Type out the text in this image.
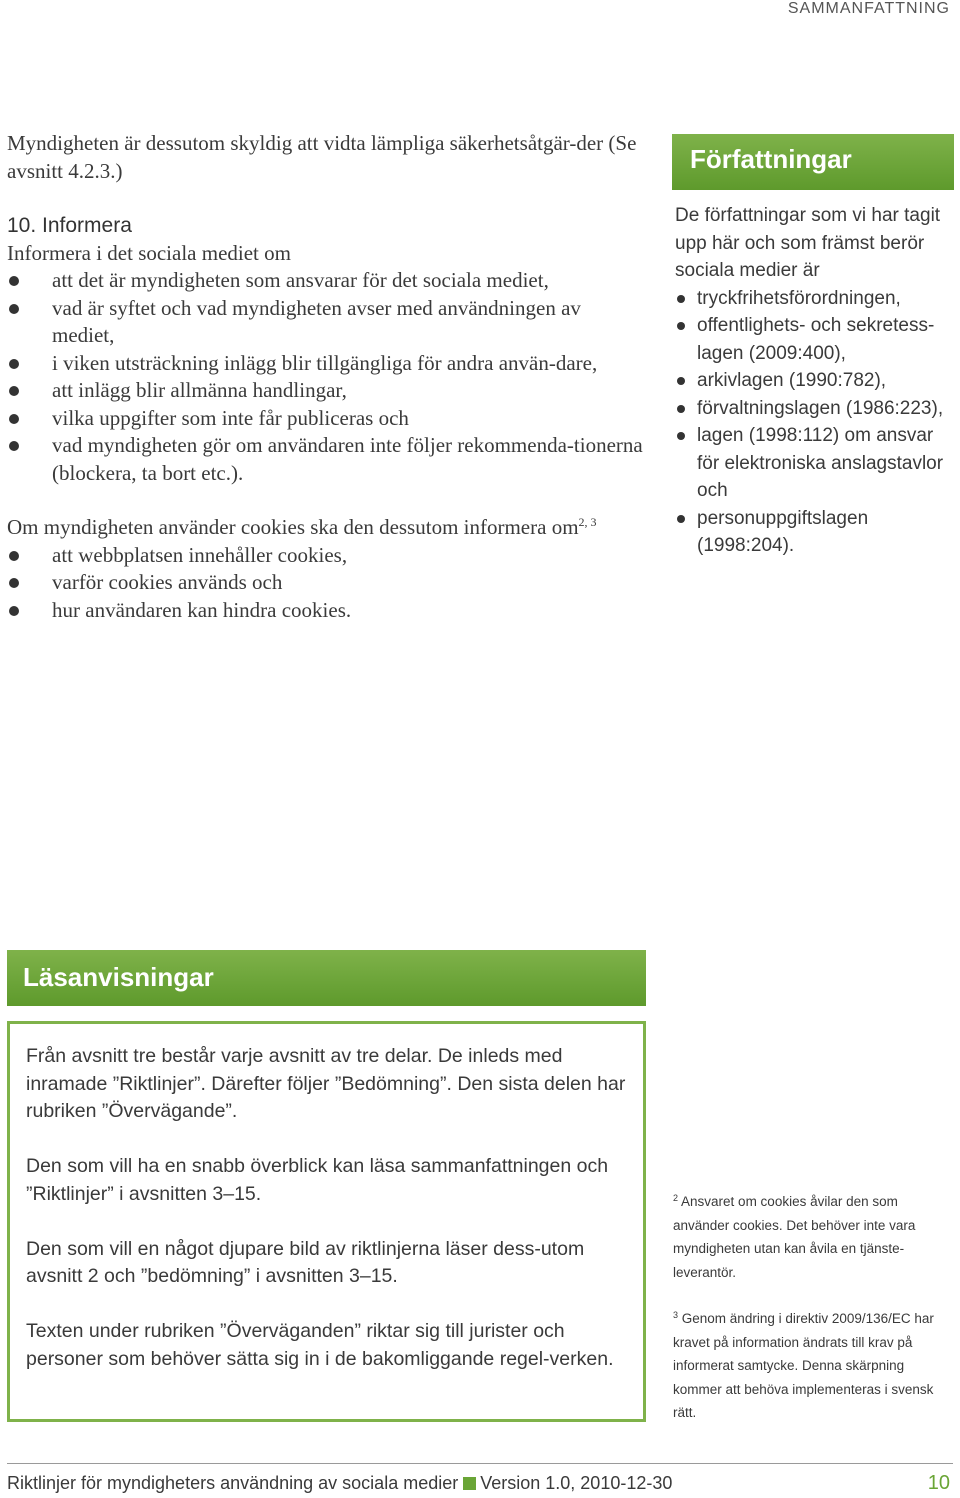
SAMMANFATTNING

Myndigheten är dessutom skyldig att vidta lämpliga säkerhetsåtgär-der (Se avsnitt 4.2.3.)

10. Informera

Informera i det sociala mediet om

att det är myndigheten som ansvarar för det sociala mediet,
vad är syftet och vad myndigheten avser med användningen av mediet,
i viken utsträckning inlägg blir tillgängliga för andra använ-dare,
att inlägg blir allmänna handlingar,
vilka uppgifter som inte får publiceras och
vad myndigheten gör om användaren inte följer rekommenda-tionerna (blockera, ta bort etc.).

Om myndigheten använder cookies ska den dessutom informera om$^{2, 3}$

att webbplatsen innehåller cookies,
varför cookies används och
hur användaren kan hindra cookies.
Författningar

De författningar som vi har tagit upp här och som främst berör sociala medier är

tryckfrihetsförordningen,
offentlighets- och sekretess-lagen (2009:400),
arkivlagen (1990:782),
förvaltningslagen (1986:223),
lagen (1998:112) om ansvar för elektroniska anslagstavlor och
personuppgiftslagen (1998:204).
Läsanvisningar

Från avsnitt tre består varje avsnitt av tre delar. De inleds med inramade ”Riktlinjer”. Därefter följer ”Bedömning”. Den sista delen har rubriken ”Övervägande”.

Den som vill ha en snabb överblick kan läsa sammanfattningen och ”Riktlinjer” i avsnitten 3–15.

Den som vill en något djupare bild av riktlinjerna läser dess-utom avsnitt 2 och ”bedömning” i avsnitten 3–15.

Texten under rubriken ”Överväganden” riktar sig till jurister och personer som behöver sätta sig in i de bakomliggande regel-verken.

$^2$ Ansvaret om cookies åvilar den som använder cookies. Det behöver inte vara myndigheten utan kan åvila en tjänste-leverantör.

$^3$ Genom ändring i direktiv 2009/136/EC har kravet på information ändrats till krav på informerat samtycke. Denna skärpning kommer att behöva implementeras i svensk rätt.

Riktlinjer för myndigheters användning av sociala medier Version 1.0, 2010-12-30	10
